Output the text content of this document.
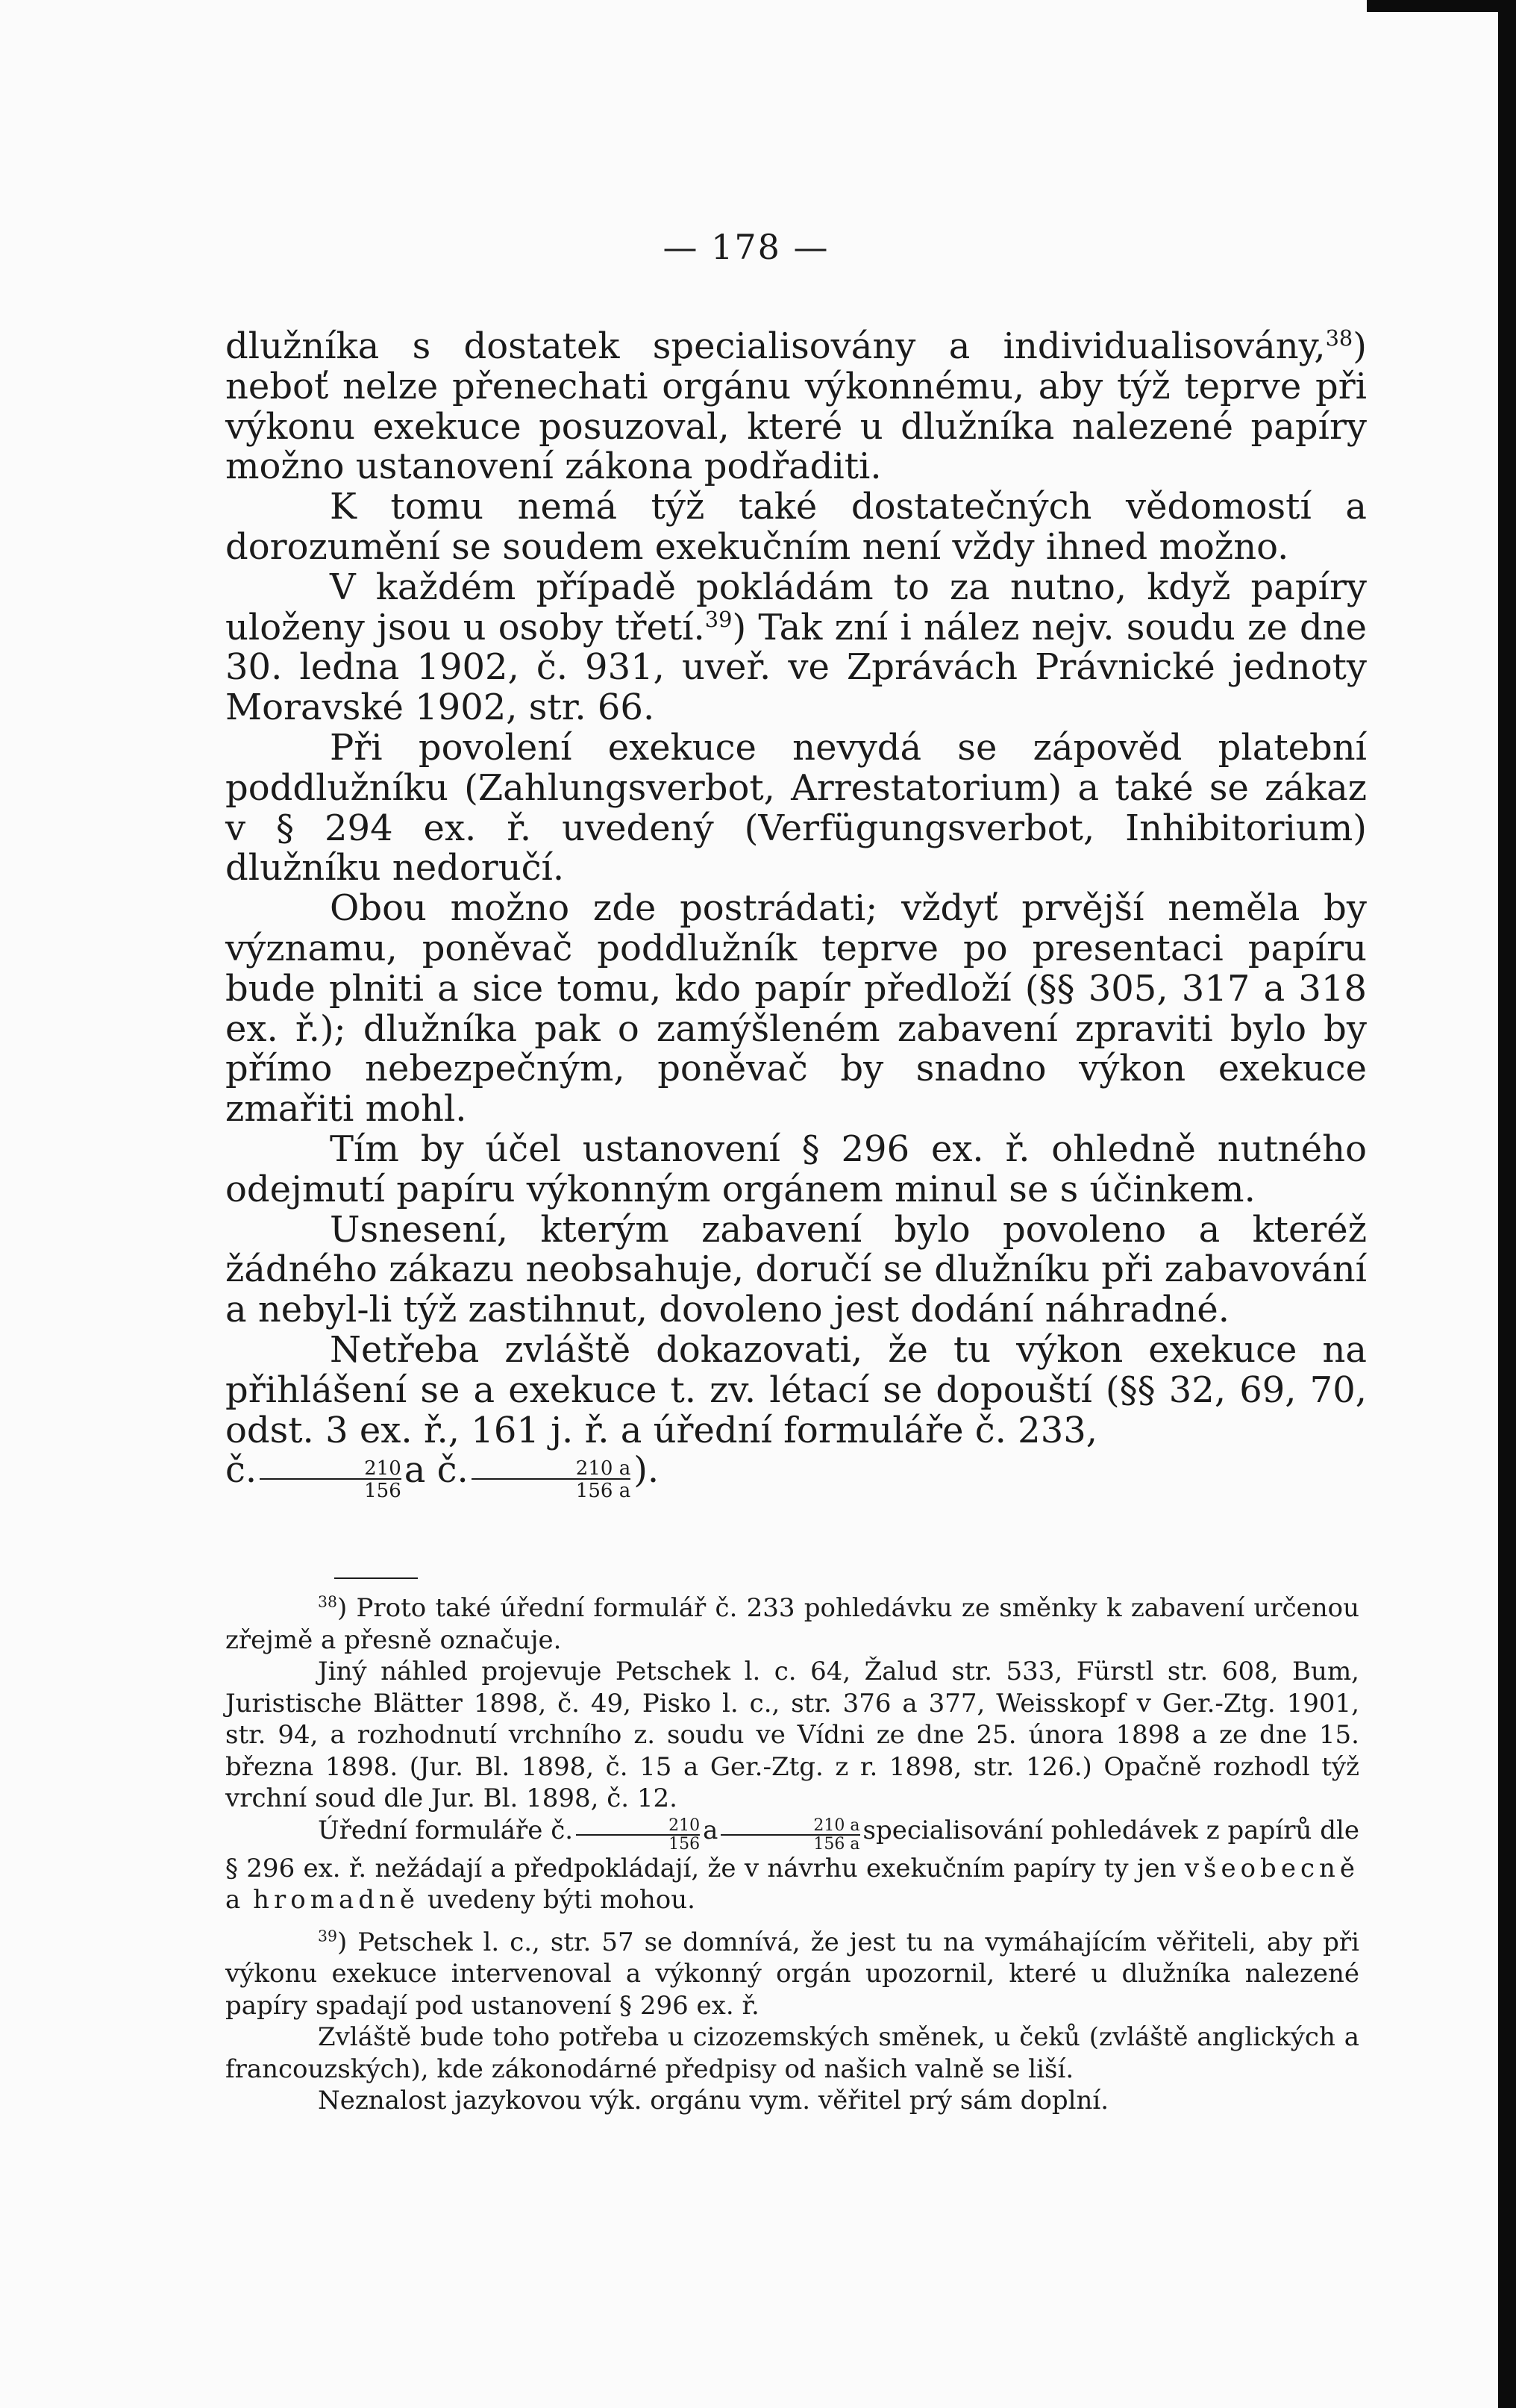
— 178 —

dlužníka s dostatek specialisovány a individualisovány,$^{38}$) neboť nelze přenechati orgánu výkonnému, aby týž teprve při výkonu exekuce posuzoval, které u dlužníka nalezené papíry možno ustanovení zákona podřaditi.

K tomu nemá týž také dostatečných vědomostí a dorozumění se soudem exekučním není vždy ihned možno.

V každém případě pokládám to za nutno, když papíry uloženy jsou u osoby třetí.$^{39}$) Tak zní i nález nejv. soudu ze dne 30. ledna 1902, č. 931, uveř. ve Zprávách Právnické jednoty Moravské 1902, str. 66.

Při povolení exekuce nevydá se zápověd platební poddlužníku (Zahlungsverbot, Arrestatorium) a také se zákaz v § 294 ex. ř. uvedený (Verfügungsverbot, Inhibitorium) dlužníku nedoručí.

Obou možno zde postrádati; vždyť prvější neměla by významu, poněvač poddlužník teprve po presentaci papíru bude plniti a sice tomu, kdo papír předloží (§§ 305, 317 a 318 ex. ř.); dlužníka pak o zamýšleném zabavení zpraviti bylo by přímo nebezpečným, poněvač by snadno výkon exekuce zmařiti mohl.

Tím by účel ustanovení § 296 ex. ř. ohledně nutného odejmutí papíru výkonným orgánem minul se s účinkem.

Usnesení, kterým zabavení bylo povoleno a kteréž žádného zákazu neobsahuje, doručí se dlužníku při zabavování a nebyl-li týž zastihnut, dovoleno jest dodání náhradné.

Netřeba zvláště dokazovati, že tu výkon exekuce na přihlášení se a exekuce t. zv. létací se dopouští (§§ 32, 69, 70, odst. 3 ex. ř., 161 j. ř. a úřední formuláře č. 233,
č. $\frac{210}{156}$ a č. $\frac{210 a}{156 a}$ ).

$^{38}$) Proto také úřední formulář č. 233 pohledávku ze směnky k zabavení určenou zřejmě a přesně označuje.

Jiný náhled projevuje Petschek l. c. 64, Žalud str. 533, Fürstl str. 608, Bum, Juristische Blätter 1898, č. 49, Pisko l. c., str. 376 a 377, Weisskopf v Ger.-Ztg. 1901, str. 94, a rozhodnutí vrchního z. soudu ve Vídni ze dne 25. února 1898 a ze dne 15. března 1898. (Jur. Bl. 1898, č. 15 a Ger.-Ztg. z r. 1898, str. 126.) Opačně rozhodl týž vrchní soud dle Jur. Bl. 1898, č. 12.

Úřední formuláře č. $\frac{210}{156}$ a $\frac{210 a}{156 a}$ specialisování pohledávek z papírů dle § 296 ex. ř. nežádají a předpokládají, že v návrhu exekučním papíry ty jen všeobecně a hromadně uvedeny býti mohou.

$^{39}$) Petschek l. c., str. 57 se domnívá, že jest tu na vymáhajícím věřiteli, aby při výkonu exekuce intervenoval a výkonný orgán upozornil, které u dlužníka nalezené papíry spadají pod ustanovení § 296 ex. ř.

Zvláště bude toho potřeba u cizozemských směnek, u čeků (zvláště anglických a francouzských), kde zákonodárné předpisy od našich valně se liší.

Neznalost jazykovou výk. orgánu vym. věřitel prý sám doplní.
